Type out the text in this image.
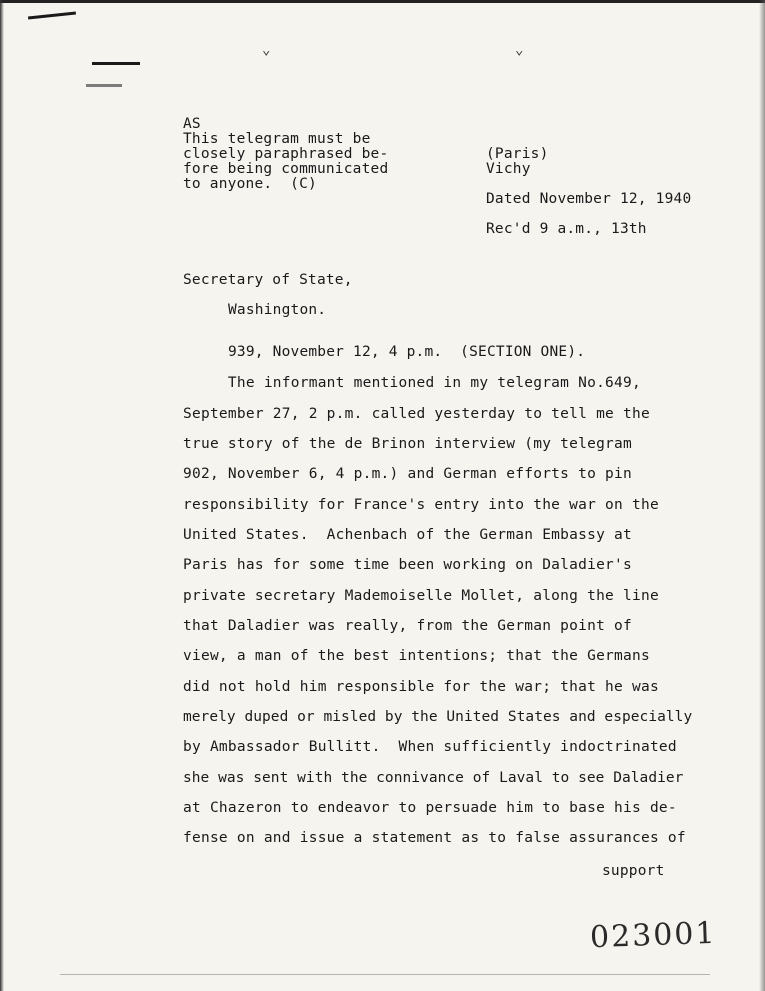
⌄	⌄
AS
This telegram must be
closely paraphrased be-
fore being communicated
to anyone.  (C)
(Paris)
Vichy
Dated November 12, 1940
Rec'd 9 a.m., 13th
Secretary of State,
Washington.
939, November 12, 4 p.m.  (SECTION ONE).
The informant mentioned in my telegram No.649,
September 27, 2 p.m. called yesterday to tell me the
true story of the de Brinon interview (my telegram
902, November 6, 4 p.m.) and German efforts to pin
responsibility for France's entry into the war on the
United States.  Achenbach of the German Embassy at
Paris has for some time been working on Daladier's
private secretary Mademoiselle Mollet, along the line
that Daladier was really, from the German point of
view, a man of the best intentions; that the Germans
did not hold him responsible for the war; that he was
merely duped or misled by the United States and especially
by Ambassador Bullitt.  When sufficiently indoctrinated
she was sent with the connivance of Laval to see Daladier
at Chazeron to endeavor to persuade him to base his de-
fense on and issue a statement as to false assurances of
support
023001
